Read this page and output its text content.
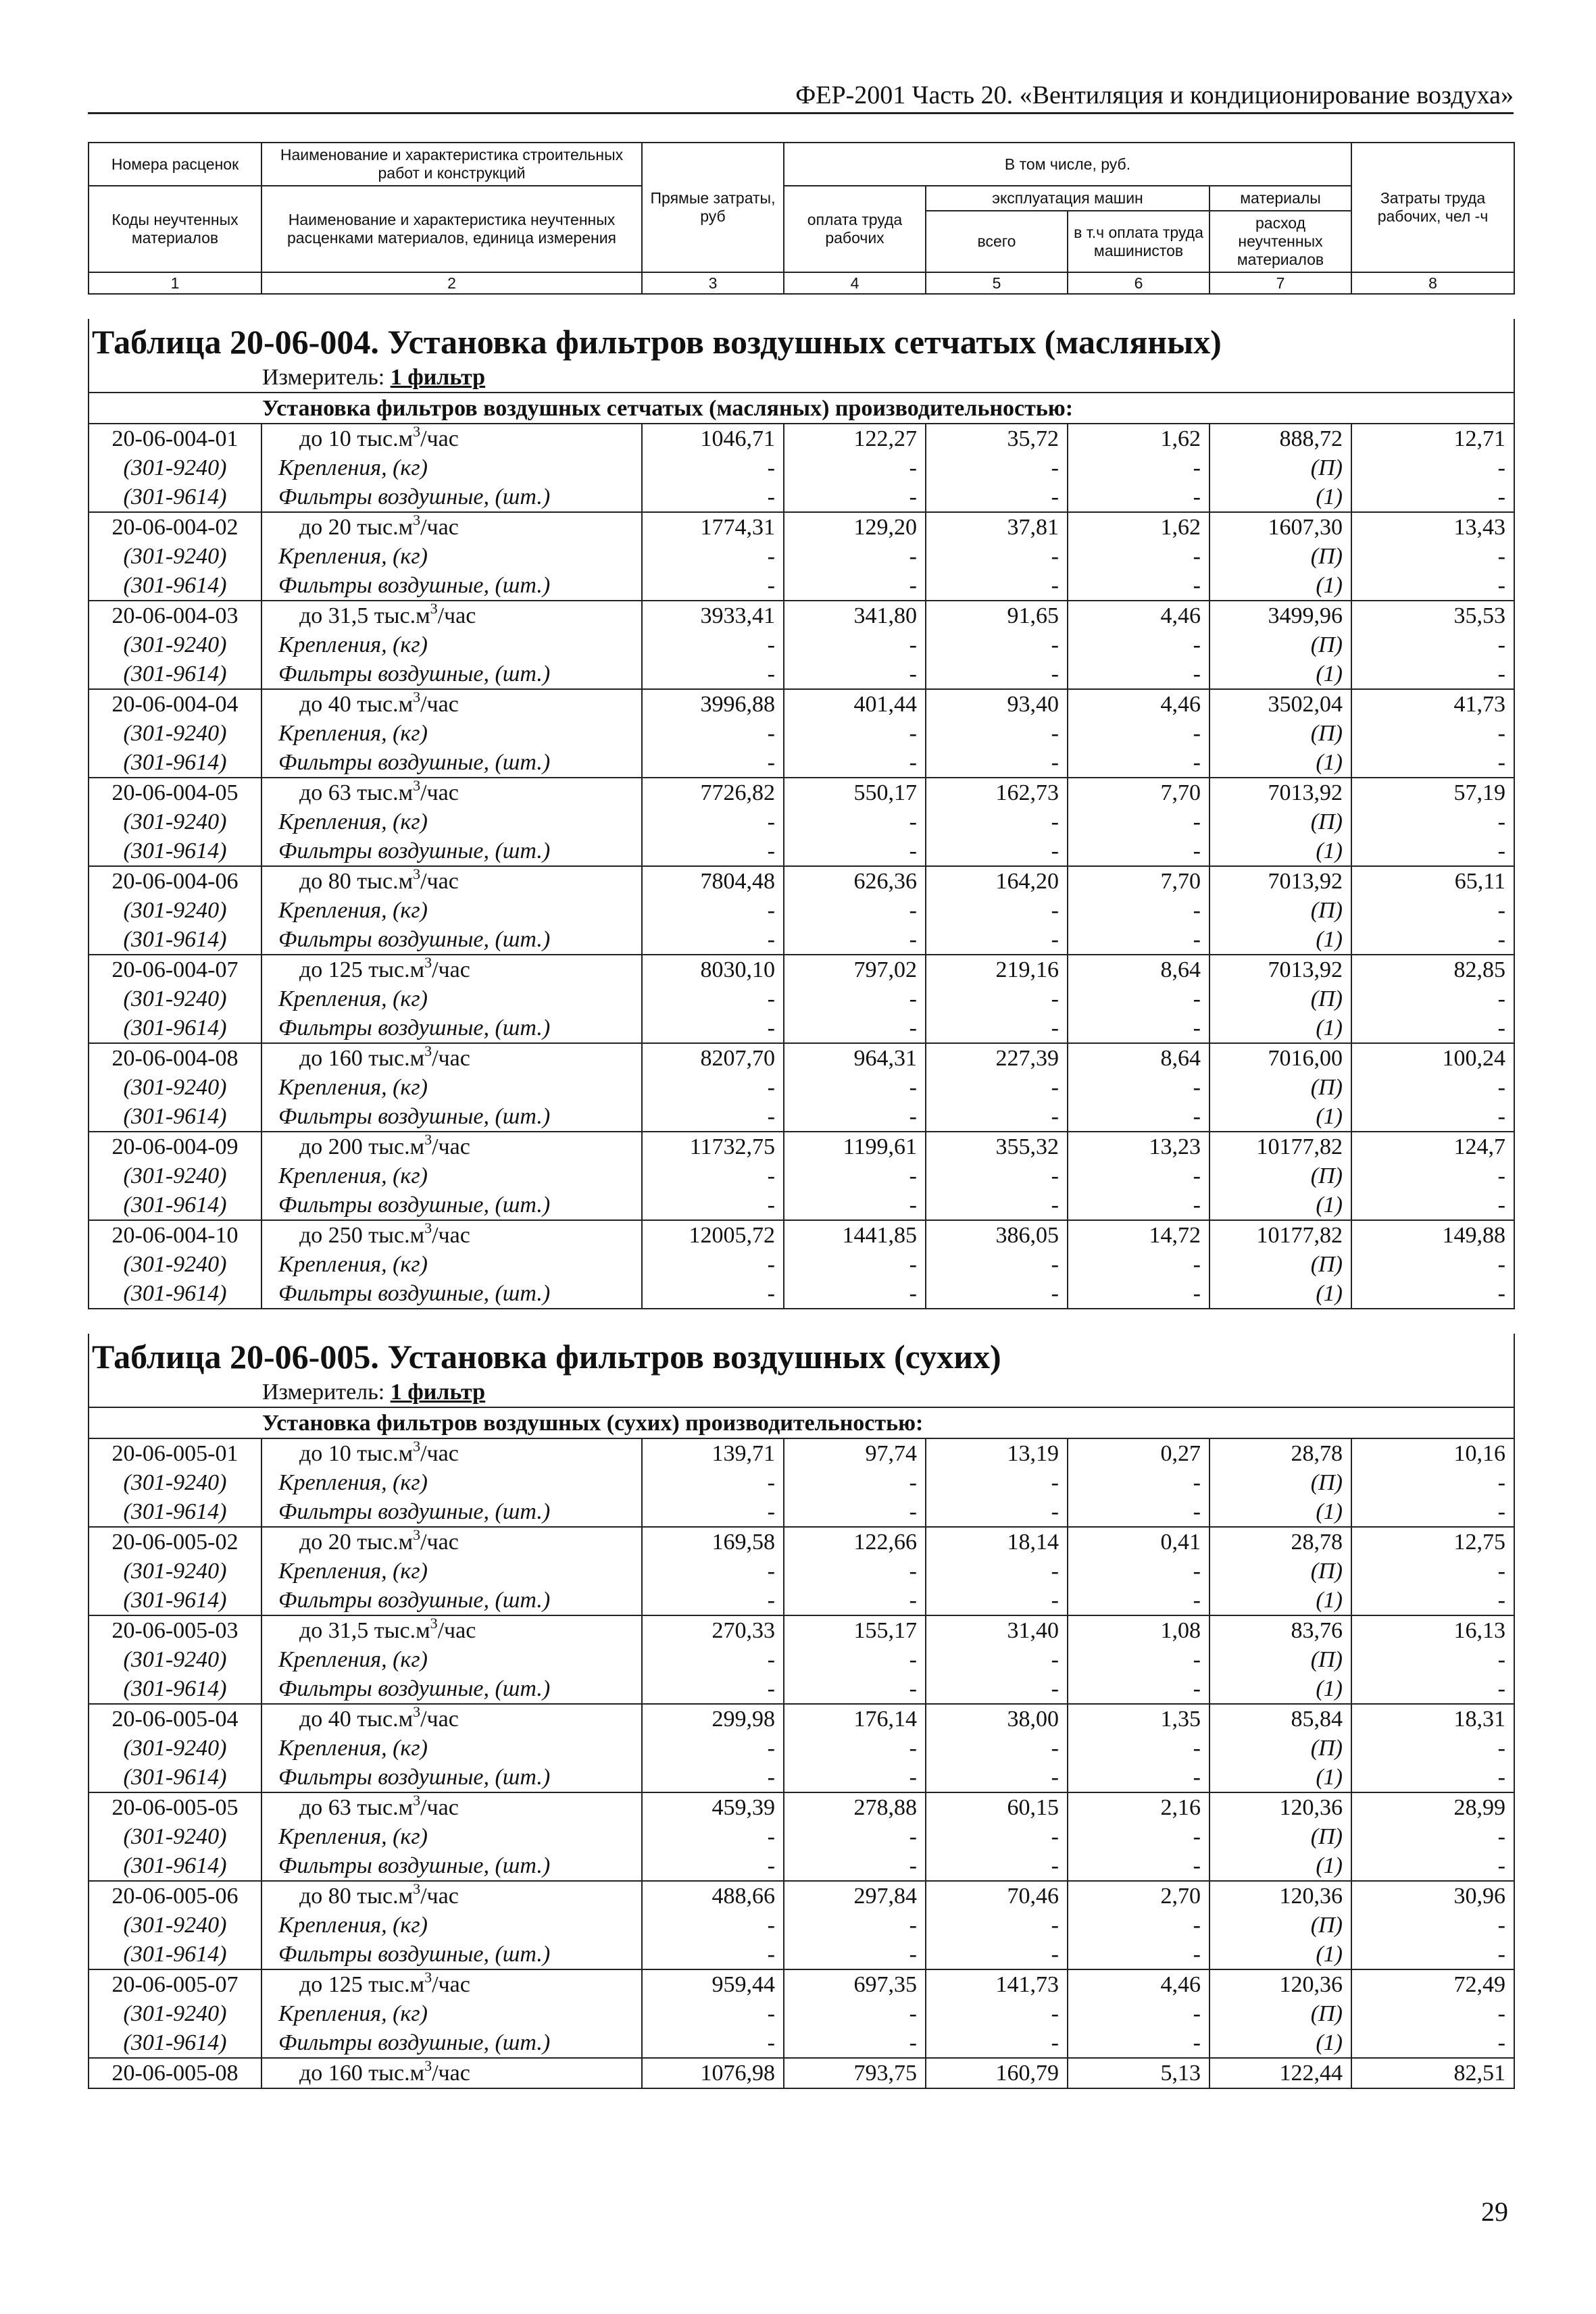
ФЕР-2001 Часть 20. «Вентиляция и кондиционирование воздуха»
Номера расценок	Наименование и характеристика строительных работ и конструкций	Прямые затраты, руб	В том числе, руб.				Затраты труда рабочих, чел -ч
Коды неучтенных материалов	Наименование и характеристика неучтенных расценками материалов, единица измерения		оплата труда рабочих	эксплуатация машин		материалы	
				всего	в т.ч оплата труда машинистов	расход неучтенных материалов	
1	2	3	4	5	6	7	8

Таблица 20-06-004. Установка фильтров воздушных сетчатых (масляных)							
Измеритель: 1 фильтр							
Установка фильтров воздушных сетчатых (масляных) производительностью:							
20-06-004-01	до 10 $тыс.м^3$/час	1046,71	122,27	35,72	1,62	888,72	12,71
(301-9240)	Крепления, (кг)	-	-	-	-	(П)	-
(301-9614)	Фильтры воздушные, (шт.)	-	-	-	-	(1)	-
20-06-004-02	до 20 $тыс.м^3$/час	1774,31	129,20	37,81	1,62	1607,30	13,43
(301-9240)	Крепления, (кг)	-	-	-	-	(П)	-
(301-9614)	Фильтры воздушные, (шт.)	-	-	-	-	(1)	-
20-06-004-03	до 31,5 $тыс.м^3$/час	3933,41	341,80	91,65	4,46	3499,96	35,53
(301-9240)	Крепления, (кг)	-	-	-	-	(П)	-
(301-9614)	Фильтры воздушные, (шт.)	-	-	-	-	(1)	-
20-06-004-04	до 40 $тыс.м^3$/час	3996,88	401,44	93,40	4,46	3502,04	41,73
(301-9240)	Крепления, (кг)	-	-	-	-	(П)	-
(301-9614)	Фильтры воздушные, (шт.)	-	-	-	-	(1)	-
20-06-004-05	до 63 $тыс.м^3$/час	7726,82	550,17	162,73	7,70	7013,92	57,19
(301-9240)	Крепления, (кг)	-	-	-	-	(П)	-
(301-9614)	Фильтры воздушные, (шт.)	-	-	-	-	(1)	-
20-06-004-06	до 80 $тыс.м^3$/час	7804,48	626,36	164,20	7,70	7013,92	65,11
(301-9240)	Крепления, (кг)	-	-	-	-	(П)	-
(301-9614)	Фильтры воздушные, (шт.)	-	-	-	-	(1)	-
20-06-004-07	до 125 $тыс.м^3$/час	8030,10	797,02	219,16	8,64	7013,92	82,85
(301-9240)	Крепления, (кг)	-	-	-	-	(П)	-
(301-9614)	Фильтры воздушные, (шт.)	-	-	-	-	(1)	-
20-06-004-08	до 160 $тыс.м^3$/час	8207,70	964,31	227,39	8,64	7016,00	100,24
(301-9240)	Крепления, (кг)	-	-	-	-	(П)	-
(301-9614)	Фильтры воздушные, (шт.)	-	-	-	-	(1)	-
20-06-004-09	до 200 $тыс.м^3$/час	11732,75	1199,61	355,32	13,23	10177,82	124,7
(301-9240)	Крепления, (кг)	-	-	-	-	(П)	-
(301-9614)	Фильтры воздушные, (шт.)	-	-	-	-	(1)	-
20-06-004-10	до 250 $тыс.м^3$/час	12005,72	1441,85	386,05	14,72	10177,82	149,88
(301-9240)	Крепления, (кг)	-	-	-	-	(П)	-
(301-9614)	Фильтры воздушные, (шт.)	-	-	-	-	(1)	-

Таблица 20-06-005. Установка фильтров воздушных (сухих)							
Измеритель: 1 фильтр							
Установка фильтров воздушных (сухих) производительностью:							
20-06-005-01	до 10 $тыс.м^3$/час	139,71	97,74	13,19	0,27	28,78	10,16
(301-9240)	Крепления, (кг)	-	-	-	-	(П)	-
(301-9614)	Фильтры воздушные, (шт.)	-	-	-	-	(1)	-
20-06-005-02	до 20 $тыс.м^3$/час	169,58	122,66	18,14	0,41	28,78	12,75
(301-9240)	Крепления, (кг)	-	-	-	-	(П)	-
(301-9614)	Фильтры воздушные, (шт.)	-	-	-	-	(1)	-
20-06-005-03	до 31,5 $тыс.м^3$/час	270,33	155,17	31,40	1,08	83,76	16,13
(301-9240)	Крепления, (кг)	-	-	-	-	(П)	-
(301-9614)	Фильтры воздушные, (шт.)	-	-	-	-	(1)	-
20-06-005-04	до 40 $тыс.м^3$/час	299,98	176,14	38,00	1,35	85,84	18,31
(301-9240)	Крепления, (кг)	-	-	-	-	(П)	-
(301-9614)	Фильтры воздушные, (шт.)	-	-	-	-	(1)	-
20-06-005-05	до 63 $тыс.м^3$/час	459,39	278,88	60,15	2,16	120,36	28,99
(301-9240)	Крепления, (кг)	-	-	-	-	(П)	-
(301-9614)	Фильтры воздушные, (шт.)	-	-	-	-	(1)	-
20-06-005-06	до 80 $тыс.м^3$/час	488,66	297,84	70,46	2,70	120,36	30,96
(301-9240)	Крепления, (кг)	-	-	-	-	(П)	-
(301-9614)	Фильтры воздушные, (шт.)	-	-	-	-	(1)	-
20-06-005-07	до 125 $тыс.м^3$/час	959,44	697,35	141,73	4,46	120,36	72,49
(301-9240)	Крепления, (кг)	-	-	-	-	(П)	-
(301-9614)	Фильтры воздушные, (шт.)	-	-	-	-	(1)	-
20-06-005-08	до 160 $тыс.м^3$/час	1076,98	793,75	160,79	5,13	122,44	82,51
29
